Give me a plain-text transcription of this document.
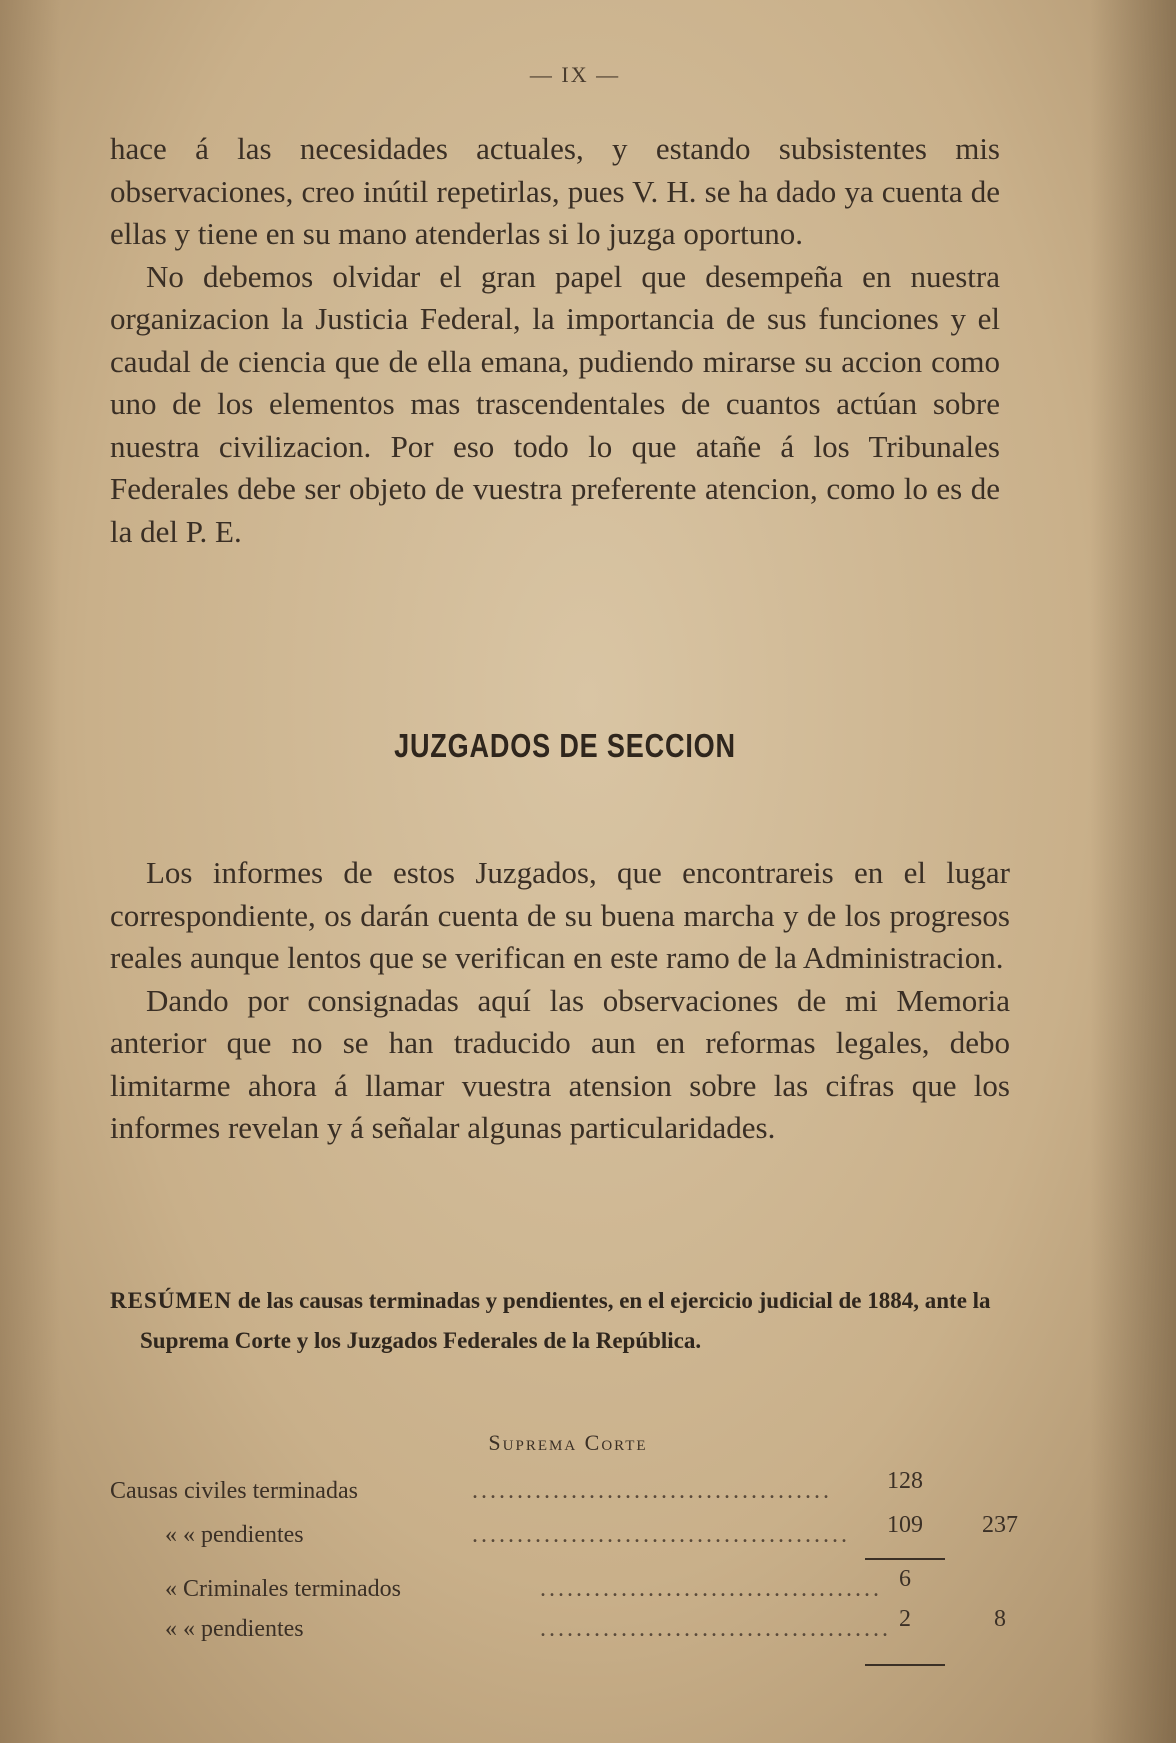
— IX —

hace á las necesidades actuales, y estando subsistentes mis observaciones, creo inútil repetirlas, pues V. H. se ha dado ya cuenta de ellas y tiene en su mano atenderlas si lo juzga oportuno.

No debemos olvidar el gran papel que desempeña en nuestra organizacion la Justicia Federal, la importancia de sus funciones y el caudal de ciencia que de ella emana, pudiendo mirarse su accion como uno de los elementos mas trascendentales de cuantos actúan sobre nuestra civilizacion. Por eso todo lo que atañe á los Tribunales Federales debe ser objeto de vuestra preferente atencion, como lo es de la del P. E.

JUZGADOS DE SECCION

Los informes de estos Juzgados, que encontrareis en el lugar correspondiente, os darán cuenta de su buena marcha y de los progresos reales aunque lentos que se verifican en este ramo de la Administracion.

Dando por consignadas aquí las observaciones de mi Memoria anterior que no se han traducido aun en reformas legales, debo limitarme ahora á llamar vuestra atension sobre las cifras que los informes revelan y á señalar algunas particularidades.

RESÚMEN de las causas terminadas y pendientes, en el ejercicio judicial de 1884, ante la Suprema Corte y los Juzgados Federales de la República.
Suprema Corte
Causas civiles terminadas	........................................	128
« « pendientes	..........................................	109	237
« Criminales terminados	...................................... 6
« « pendientes	....................................... 2	8
